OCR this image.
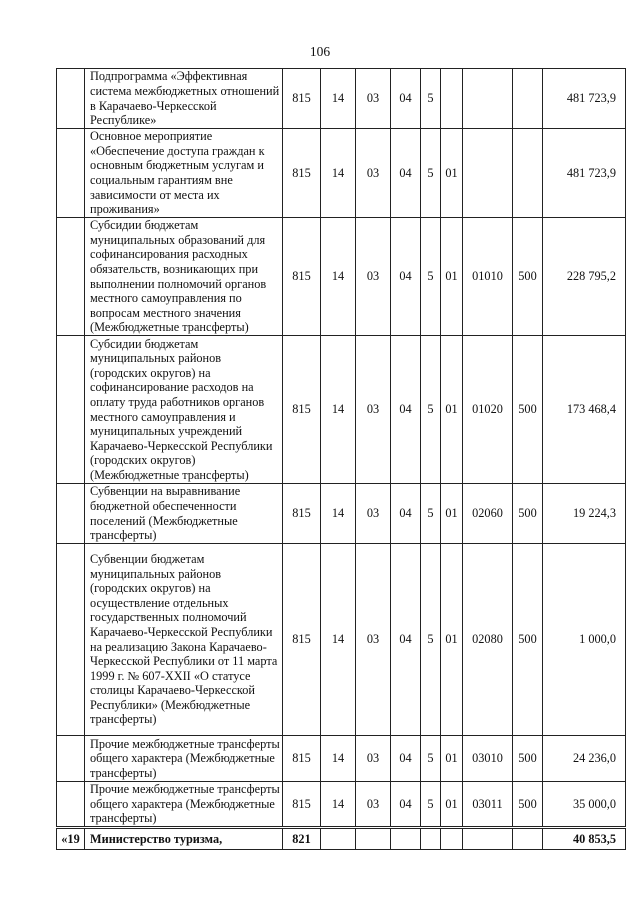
106
	Подпрограмма «Эффективная система межбюджетных отношений в Карачаево-Черкесской Республике»	815	14	03	04	5				481 723,9
	Основное мероприятие «Обеспечение доступа граждан к основным бюджетным услугам и социальным гарантиям вне зависимости от места их проживания»	815	14	03	04	5	01			481 723,9
	Субсидии бюджетам муниципальных образований для софинансирования расходных обязательств, возникающих при выполнении полномочий органов местного самоуправления по вопросам местного значения (Межбюджетные трансферты)	815	14	03	04	5	01	01010	500	228 795,2
	Субсидии бюджетам муниципальных районов (городских округов) на софинансирование расходов на оплату труда работников органов местного самоуправления и муниципальных учреждений Карачаево-Черкесской Республики (городских округов) (Межбюджетные трансферты)	815	14	03	04	5	01	01020	500	173 468,4
	Субвенции на выравнивание бюджетной обеспеченности поселений (Межбюджетные трансферты)	815	14	03	04	5	01	02060	500	19 224,3
	Субвенции бюджетам муниципальных районов (городских округов) на осуществление отдельных государственных полномочий Карачаево-Черкесской Республики на реализацию Закона Карачаево-Черкесской Республики от 11 марта 1999 г. № 607-XXII «О статусе столицы Карачаево-Черкесской Республики» (Межбюджетные трансферты)	815	14	03	04	5	01	02080	500	1 000,0
	Прочие межбюджетные трансферты общего характера (Межбюджетные трансферты)	815	14	03	04	5	01	03010	500	24 236,0
	Прочие межбюджетные трансферты общего характера (Межбюджетные трансферты)	815	14	03	04	5	01	03011	500	35 000,0
«19	Министерство туризма,	821								40 853,5
